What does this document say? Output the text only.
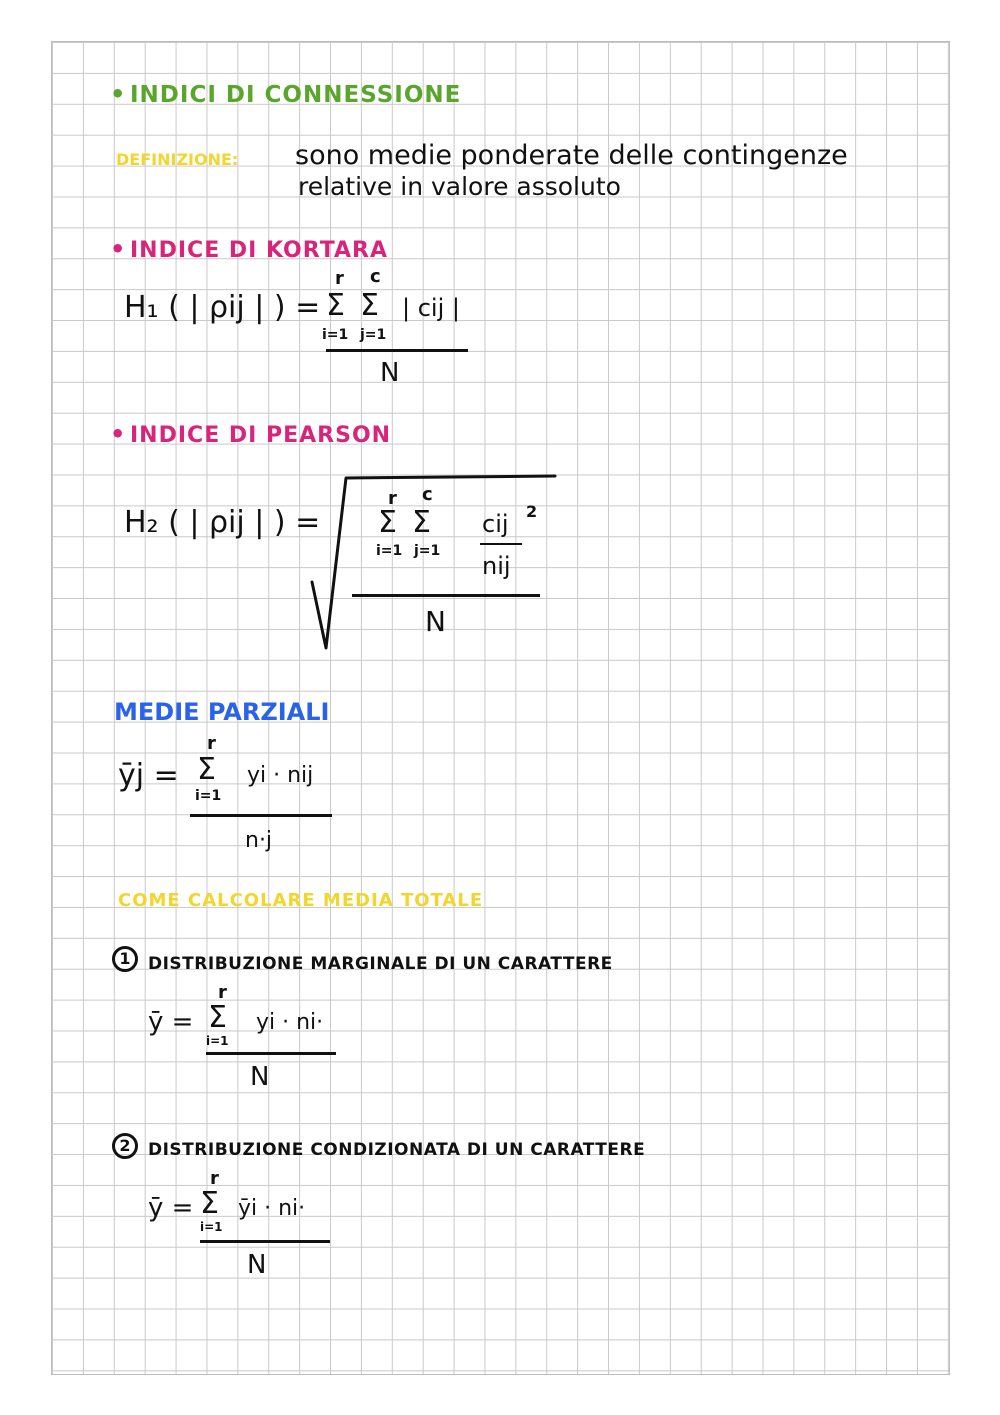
• INDICI DI CONNESSIONE
DEFINIZIONE: sono medie ponderate delle contingenze
relative in valore assoluto
• INDICE DI KORTARA
H₁ ( | ρij | ) =
r
Σ
i=1
c
Σ
j=1
| cij |
N
• INDICE DI PEARSON
H₂ ( | ρij | ) =
r
Σ
i=1
c
Σ
j=1
cij 2
nij
N
MEDIE PARZIALI
ȳj =
r
Σ
i=1
yi · nij
n·j
COME CALCOLARE MEDIA TOTALE
1	DISTRIBUZIONE MARGINALE DI UN CARATTERE
ȳ =
r
Σ
i=1
yi · ni·
N
2	DISTRIBUZIONE CONDIZIONATA DI UN CARATTERE
ȳ =
r
Σ
i=1
ȳi · ni·
N
